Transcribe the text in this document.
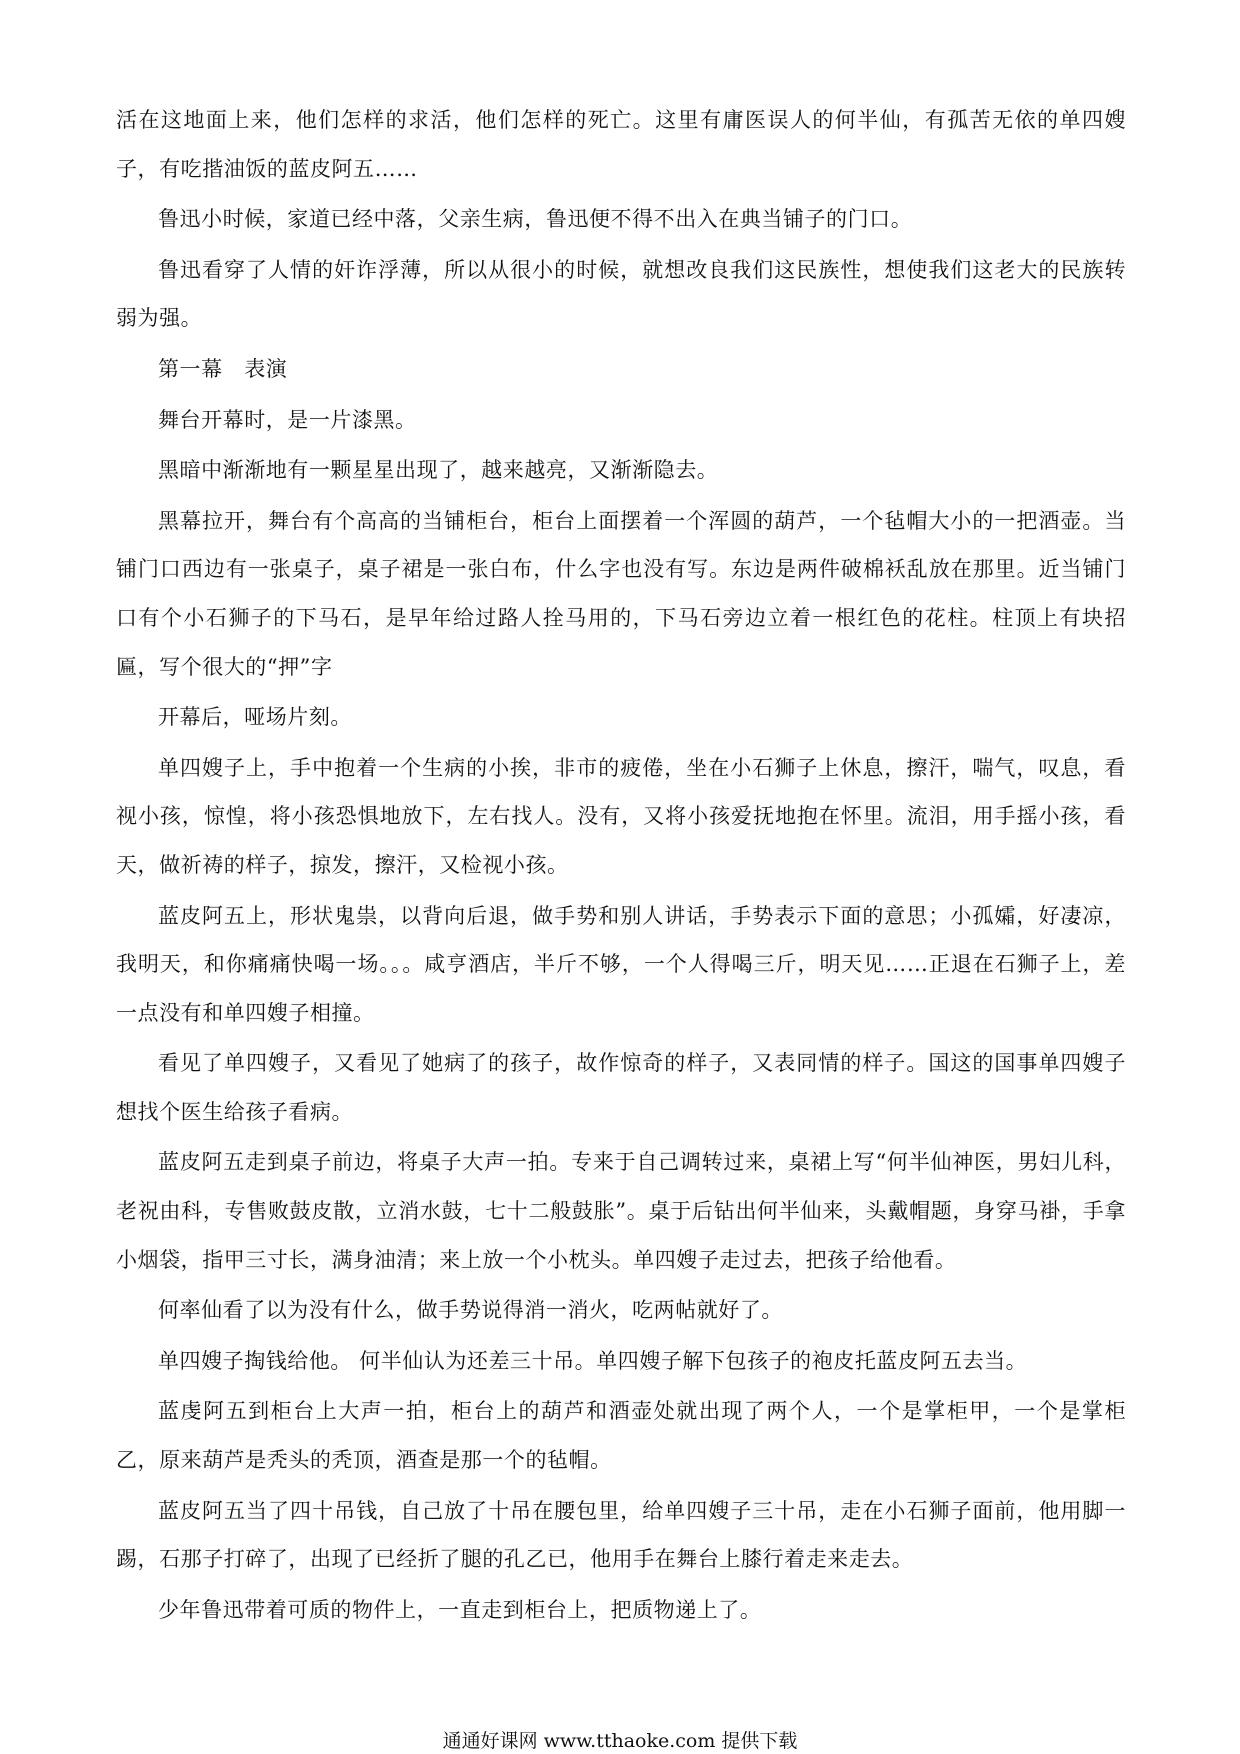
活在这地面上来，他们怎样的求活，他们怎样的死亡。这里有庸医误人的何半仙，有孤苦无依的单四嫂子，有吃揩油饭的蓝皮阿五……

鲁迅小时候，家道已经中落，父亲生病，鲁迅便不得不出入在典当铺子的门口。

鲁迅看穿了人情的奸诈浮薄，所以从很小的时候，就想改良我们这民族性，想使我们这老大的民族转弱为强。

第一幕　表演

舞台开幕时，是一片漆黑。

黑暗中渐渐地有一颗星星出现了，越来越亮，又渐渐隐去。

黑幕拉开，舞台有个高高的当铺柜台，柜台上面摆着一个浑圆的葫芦，一个毡帽大小的一把酒壶。当铺门口西边有一张桌子，桌子裙是一张白布，什么字也没有写。东边是两件破棉袄乱放在那里。近当铺门口有个小石狮子的下马石，是早年给过路人拴马用的，下马石旁边立着一根红色的花柱。柱顶上有块招匾，写个很大的“押”字

开幕后，哑场片刻。

单四嫂子上，手中抱着一个生病的小挨，非市的疲倦，坐在小石狮子上休息，擦汗，喘气，叹息，看视小孩，惊惶，将小孩恐惧地放下，左右找人。没有，又将小孩爱抚地抱在怀里。流泪，用手摇小孩，看天，做祈祷的样子，掠发，擦汗，又检视小孩。

蓝皮阿五上，形状鬼祟，以背向后退，做手势和别人讲话，手势表示下面的意思；小孤孀，好凄凉，我明天，和你痛痛快喝一场。。。咸亨酒店，半斤不够，一个人得喝三斤，明天见……正退在石狮子上，差一点没有和单四嫂子相撞。

看见了单四嫂子，又看见了她病了的孩子，故作惊奇的样子，又表同情的样子。国这的国事单四嫂子想找个医生给孩子看病。

蓝皮阿五走到桌子前边，将桌子大声一拍。专来于自己调转过来，桌裙上写“何半仙神医，男妇儿科，老祝由科，专售败鼓皮散，立消水鼓，七十二般鼓胀”。桌于后钻出何半仙来，头戴帽题，身穿马褂，手拿小烟袋，指甲三寸长，满身油清；来上放一个小枕头。单四嫂子走过去，把孩子给他看。

何率仙看了以为没有什么，做手势说得消一消火，吃两帖就好了。

单四嫂子掏钱给他。 何半仙认为还差三十吊。单四嫂子解下包孩子的袍皮托蓝皮阿五去当。

蓝虔阿五到柜台上大声一拍，柜台上的葫芦和酒壶处就出现了两个人，一个是掌柜甲，一个是掌柜乙，原来葫芦是秃头的秃顶，酒查是那一个的毡帽。

蓝皮阿五当了四十吊钱，自己放了十吊在腰包里，给单四嫂子三十吊，走在小石狮子面前，他用脚一踢，石那子打碎了，出现了已经折了腿的孔乙已，他用手在舞台上膝行着走来走去。

少年鲁迅带着可质的物件上，一直走到柜台上，把质物递上了。

通通好课网 www.tthaoke.com 提供下载
